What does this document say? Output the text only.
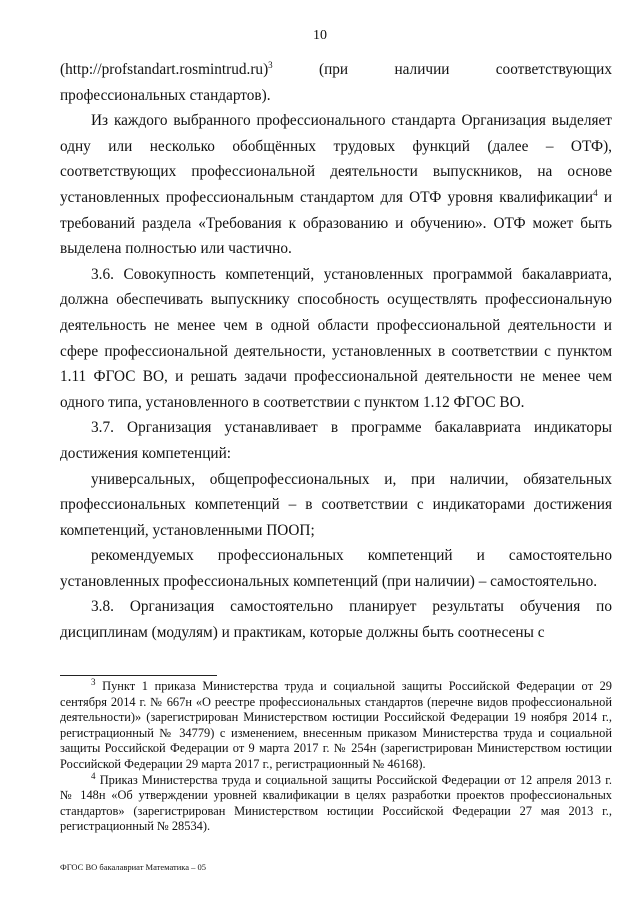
10

(http://profstandart.rosmintrud.ru)$^3$ (при наличии соответствующих профессиональных стандартов).

Из каждого выбранного профессионального стандарта Организация выделяет одну или несколько обобщённых трудовых функций (далее – ОТФ), соответствующих профессиональной деятельности выпускников, на основе установленных профессиональным стандартом для ОТФ уровня квалификации$^4$ и требований раздела «Требования к образованию и обучению». ОТФ может быть выделена полностью или частично.

3.6. Совокупность компетенций, установленных программой бакалавриата, должна обеспечивать выпускнику способность осуществлять профессиональную деятельность не менее чем в одной области профессиональной деятельности и сфере профессиональной деятельности, установленных в соответствии с пунктом 1.11 ФГОС ВО, и решать задачи профессиональной деятельности не менее чем одного типа, установленного в соответствии с пунктом 1.12 ФГОС ВО.

3.7. Организация устанавливает в программе бакалавриата индикаторы достижения компетенций:

универсальных, общепрофессиональных и, при наличии, обязательных профессиональных компетенций – в соответствии с индикаторами достижения компетенций, установленными ПООП;

рекомендуемых профессиональных компетенций и самостоятельно установленных профессиональных компетенций (при наличии) – самостоятельно.

3.8. Организация самостоятельно планирует результаты обучения по дисциплинам (модулям) и практикам, которые должны быть соотнесены с

$^3$ Пункт 1 приказа Министерства труда и социальной защиты Российской Федерации от 29 сентября 2014 г. № 667н «О реестре профессиональных стандартов (перечне видов профессиональной деятельности)» (зарегистрирован Министерством юстиции Российской Федерации 19 ноября 2014 г., регистрационный № 34779) с изменением, внесенным приказом Министерства труда и социальной защиты Российской Федерации от 9 марта 2017 г. № 254н (зарегистрирован Министерством юстиции Российской Федерации 29 марта 2017 г., регистрационный № 46168).

$^4$ Приказ Министерства труда и социальной защиты Российской Федерации от 12 апреля 2013 г. № 148н «Об утверждении уровней квалификации в целях разработки проектов профессиональных стандартов» (зарегистрирован Министерством юстиции Российской Федерации 27 мая 2013 г., регистрационный № 28534).

ФГОС ВО бакалавриат Математика – 05
